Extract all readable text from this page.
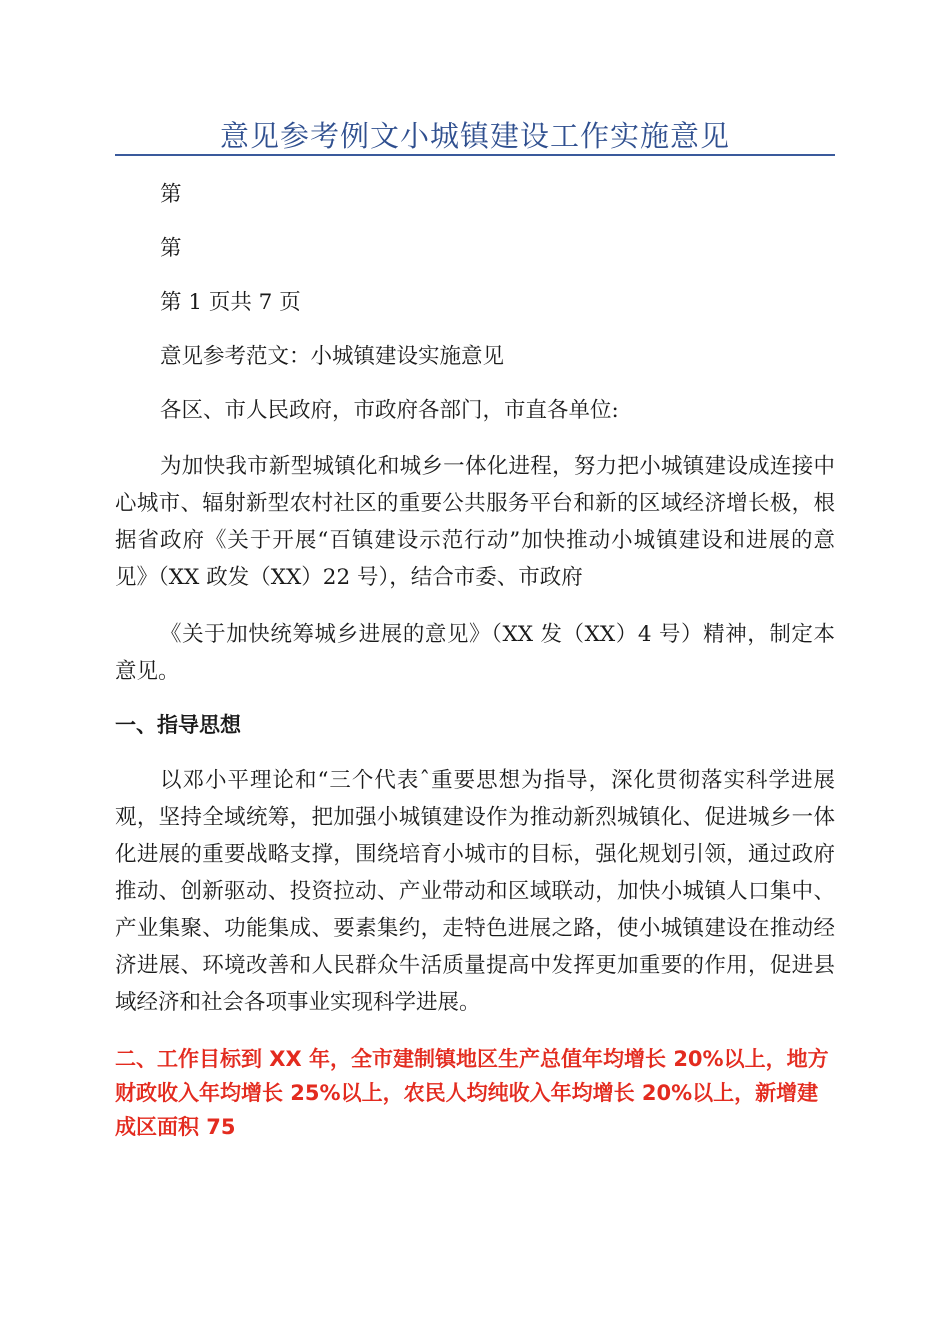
意见参考例文小城镇建设工作实施意见

第

第

第 1 页共 7 页

意见参考范文：小城镇建设实施意见

各区、市人民政府，市政府各部门，市直各单位:

为加快我市新型城镇化和城乡一体化进程，努力把小城镇建设成连接中心城市、辐射新型农村社区的重要公共服务平台和新的区域经济增长极，根据省政府《关于开展“百镇建设示范行动”加快推动小城镇建设和进展的意见》（XX 政发（XX）22 号），结合市委、市政府

《关于加快统筹城乡进展的意见》（XX 发（XX）4 号）精神，制定本意见。

一、指导思想

以邓小平理论和“三个代表ˆ重要思想为指导，深化贯彻落实科学进展观，坚持全域统筹，把加强小城镇建设作为推动新烈城镇化、促进城乡一体化进展的重要战略支撑，围绕培育小城市的目标，强化规划引领，通过政府推动、创新驱动、投资拉动、产业带动和区域联动，加快小城镇人口集中、产业集聚、功能集成、要素集约，走特色进展之路，使小城镇建设在推动经济进展、环境改善和人民群众牛活质量提高中发挥更加重要的作用，促进县域经济和社会各项事业实现科学进展。

二、工作目标到 XX 年，全市建制镇地区生产总值年均增长 20%以上，地方财政收入年均增长 25%以上，农民人均纯收入年均增长 20%以上，新增建成区面积 75
